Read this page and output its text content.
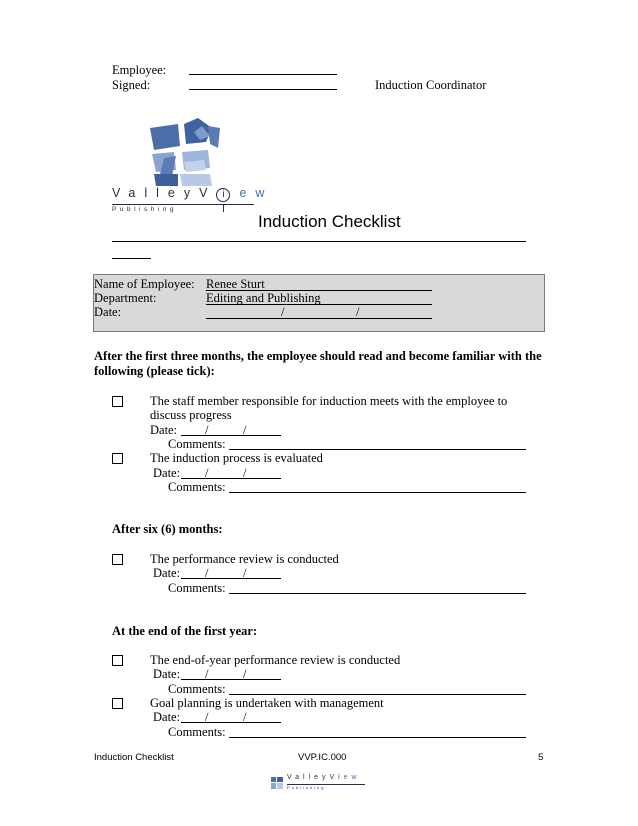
Employee:
Signed:	Induction Coordinator
ValleyV i ew
Publishing
Induction Checklist
Name of Employee: Renee Sturt
Department:	Editing and Publishing
Date:	/	/
After the first three months, the employee should read and become familiar with the following (please tick):
The staff member responsible for induction meets with the employee to
discuss progress
Date: /	/
Comments:
The induction process is evaluated
Date: /	/
Comments:
After six (6) months:
The performance review is conducted
Date: /	/
Comments:
At the end of the first year:
The end-of-year performance review is conducted
Date: /	/
Comments:
Goal planning is undertaken with management
Date: /	/
Comments:
Induction Checklist	VVP.IC.000	5
ValleyView
Publishing
